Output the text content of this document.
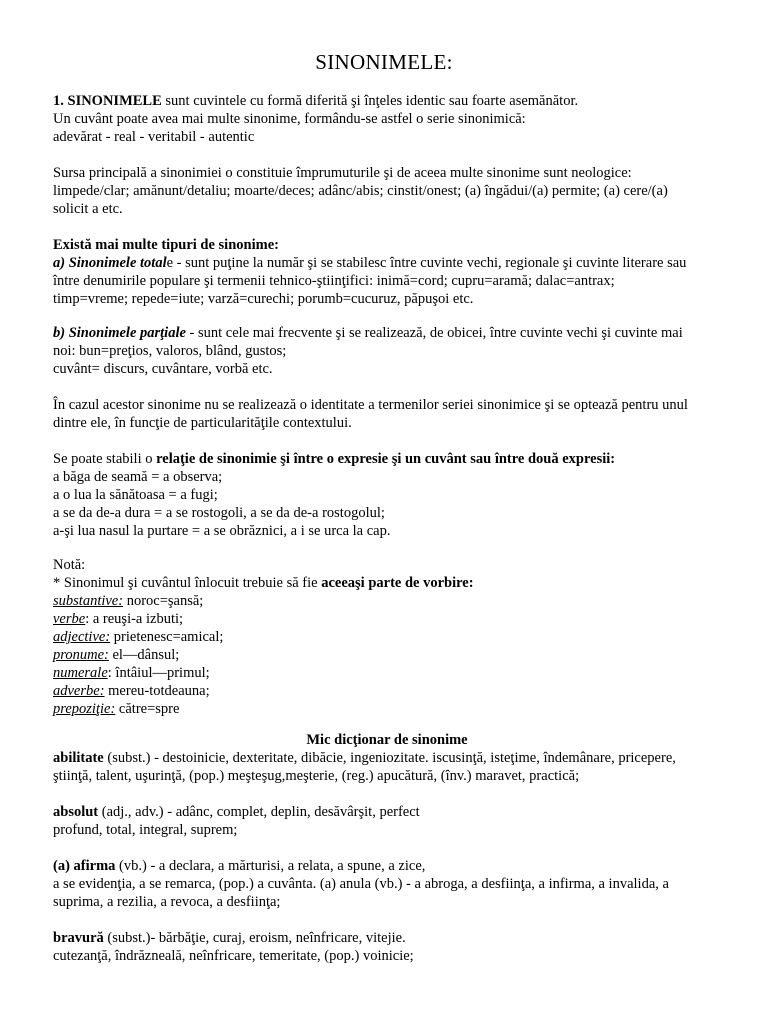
SINONIMELE:
1. SINONIMELE sunt cuvintele cu formă diferită şi înţeles identic sau foarte asemănător.
Un cuvânt poate avea mai multe sinonime, formându-se astfel o serie sinonimică:
adevărat - real - veritabil - autentic
Sursa principală a sinonimiei o constituie împrumuturile şi de aceea multe sinonime sunt neologice:
limpede/clar; amănunt/detaliu; moarte/deces; adânc/abis; cinstit/onest; (a) îngădui/(a) permite; (a) cere/(a)
solicit a etc.
Există mai multe tipuri de sinonime:
a) Sinonimele totale - sunt puţine la număr şi se stabilesc între cuvinte vechi, regionale şi cuvinte literare sau
între denumirile populare şi termenii tehnico-ştiinţifici: inimă=cord; cupru=aramă; dalac=antrax;
timp=vreme; repede=iute; varză=curechi; porumb=cucuruz, păpuşoi etc.
b) Sinonimele parţiale - sunt cele mai frecvente şi se realizează, de obicei, între cuvinte vechi şi cuvinte mai
noi: bun=preţios, valoros, blând, gustos;
cuvânt= discurs, cuvântare, vorbă etc.
În cazul acestor sinonime nu se realizează o identitate a termenilor seriei sinonimice şi se optează pentru unul
dintre ele, în funcţie de particularităţile contextului.
Se poate stabili o relaţie de sinonimie şi între o expresie şi un cuvânt sau între două expresii:
a băga de seamă = a observa;
a o lua la sănătoasa = a fugi;
a se da de-a dura = a se rostogoli, a se da de-a rostogolul;
a-şi lua nasul la purtare = a se obrăznici, a i se urca la cap.
Notă:
* Sinonimul şi cuvântul înlocuit trebuie să fie aceeaşi parte de vorbire:
substantive: noroc=şansă;
verbe: a reuşi-a izbuti;
adjective: prietenesc=amical;
pronume: el—dânsul;
numerale: întâiul—primul;
adverbe: mereu-totdeauna;
prepoziţie: către=spre
Mic dicţionar de sinonime
abilitate (subst.) - destoinicie, dexteritate, dibăcie, ingeniozitate. iscusinţă, isteţime, îndemânare, pricepere,
ştiinţă, talent, uşurinţă, (pop.) meşteşug,meşterie, (reg.) apucătură, (înv.) maravet, practică;
absolut (adj., adv.) - adânc, complet, deplin, desăvârşit, perfect
profund, total, integral, suprem;
(a) afirma (vb.) - a declara, a mărturisi, a relata, a spune, a zice,
a se evidenţia, a se remarca, (pop.) a cuvânta. (a) anula (vb.) - a abroga, a desfiinţa, a infirma, a invalida, a
suprima, a rezilia, a revoca, a desfiinţa;
bravură (subst.)- bărbăţie, curaj, eroism, neînfricare, vitejie.
cutezanţă, îndrăzneală, neînfricare, temeritate, (pop.) voinicie;
